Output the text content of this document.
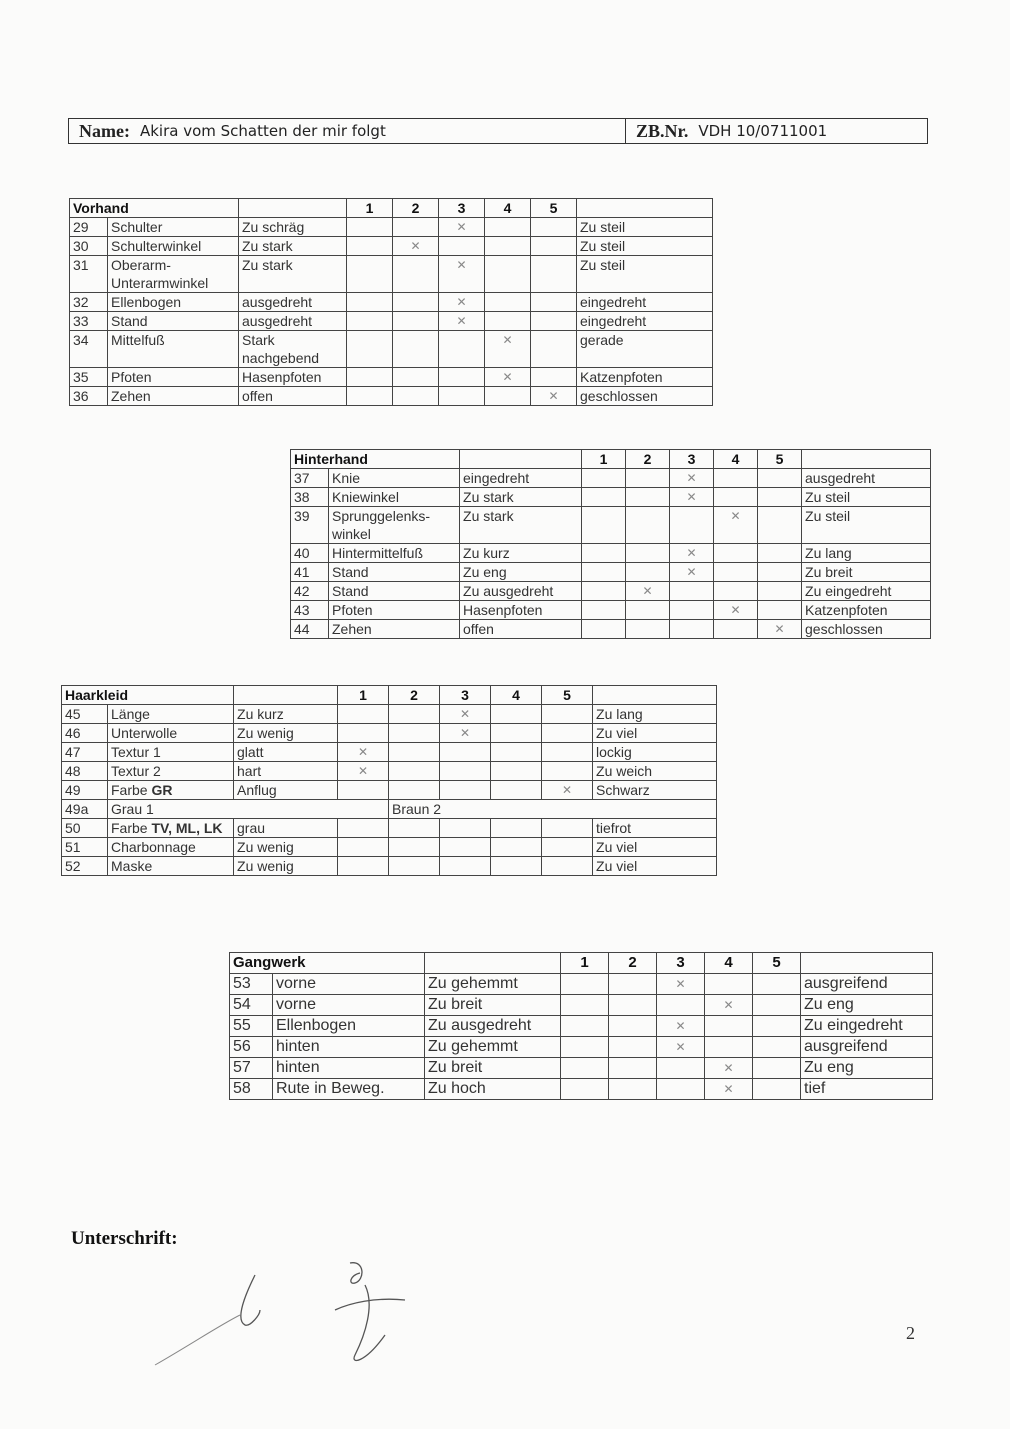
Name: Akira vom Schatten der mir folgt	ZB.Nr. VDH 10/0711001
Vorhand			1	2	3	4	5	
29	Schulter	Zu schräg			✕			Zu steil
30	Schulterwinkel	Zu stark		✕				Zu steil
31	Oberarm-Unterarmwinkel	Zu stark			✕			Zu steil
32	Ellenbogen	ausgedreht			✕			eingedreht
33	Stand	ausgedreht			✕			eingedreht
34	Mittelfuß	Stark nachgebend				✕		gerade
35	Pfoten	Hasenpfoten				✕		Katzenpfoten
36	Zehen	offen					✕	geschlossen
Hinterhand			1	2	3	4	5	
37	Knie	eingedreht			✕			ausgedreht
38	Kniewinkel	Zu stark			✕			Zu steil
39	Sprunggelenks-winkel	Zu stark				✕		Zu steil
40	Hintermittelfuß	Zu kurz			✕			Zu lang
41	Stand	Zu eng			✕			Zu breit
42	Stand	Zu ausgedreht		✕				Zu eingedreht
43	Pfoten	Hasenpfoten				✕		Katzenpfoten
44	Zehen	offen					✕	geschlossen
Haarkleid			1	2	3	4	5	
45	Länge	Zu kurz			✕			Zu lang
46	Unterwolle	Zu wenig			✕			Zu viel
47	Textur 1	glatt	✕					lockig
48	Textur 2	hart	✕					Zu weich
49	Farbe GR	Anflug					✕	Schwarz
49a	Grau 1			Braun 2				
50	Farbe TV, ML, LK	grau						tiefrot
51	Charbonnage	Zu wenig						Zu viel
52	Maske	Zu wenig						Zu viel
Gangwerk			1	2	3	4	5	
53	vorne	Zu gehemmt			✕			ausgreifend
54	vorne	Zu breit				✕		Zu eng
55	Ellenbogen	Zu ausgedreht			✕			Zu eingedreht
56	hinten	Zu gehemmt			✕			ausgreifend
57	hinten	Zu breit				✕		Zu eng
58	Rute in Beweg.	Zu hoch				✕		tief
Unterschrift:
2
